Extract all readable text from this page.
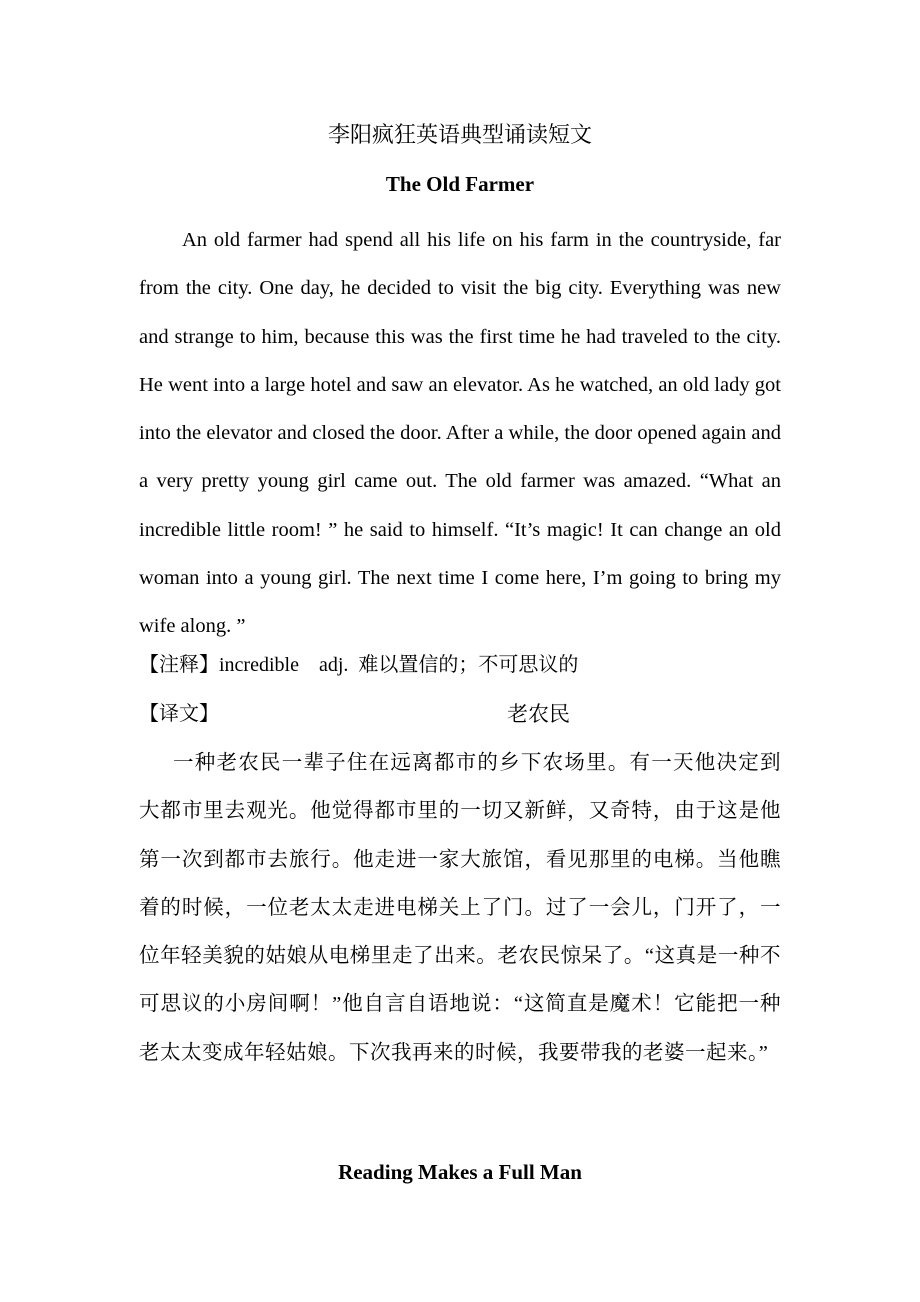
李阳疯狂英语典型诵读短文
The Old Farmer

An old farmer had spend all his life on his farm in the countryside, far from the city. One day, he decided to visit the big city. Everything was new and strange to him, because this was the first time he had traveled to the city. He went into a large hotel and saw an elevator. As he watched, an old lady got into the elevator and closed the door. After a while, the door opened again and a very pretty young girl came out. The old farmer was amazed. “What an incredible little room! ” he said to himself. “It’s magic! It can change an old woman into a young girl. The next time I come here, I’m going to bring my wife along. ”

【注释】incredible    adj.  难以置信的；不可思议的
【译文】	老农民

一种老农民一辈子住在远离都市的乡下农场里。有一天他决定到大都市里去观光。他觉得都市里的一切又新鲜，又奇特，由于这是他第一次到都市去旅行。他走进一家大旅馆，看见那里的电梯。当他瞧着的时候，一位老太太走进电梯关上了门。过了一会儿，门开了，一位年轻美貌的姑娘从电梯里走了出来。老农民惊呆了。“这真是一种不可思议的小房间啊！”他自言自语地说：“这简直是魔术！它能把一种老太太变成年轻姑娘。下次我再来的时候，我要带我的老婆一起来。”

Reading Makes a Full Man
